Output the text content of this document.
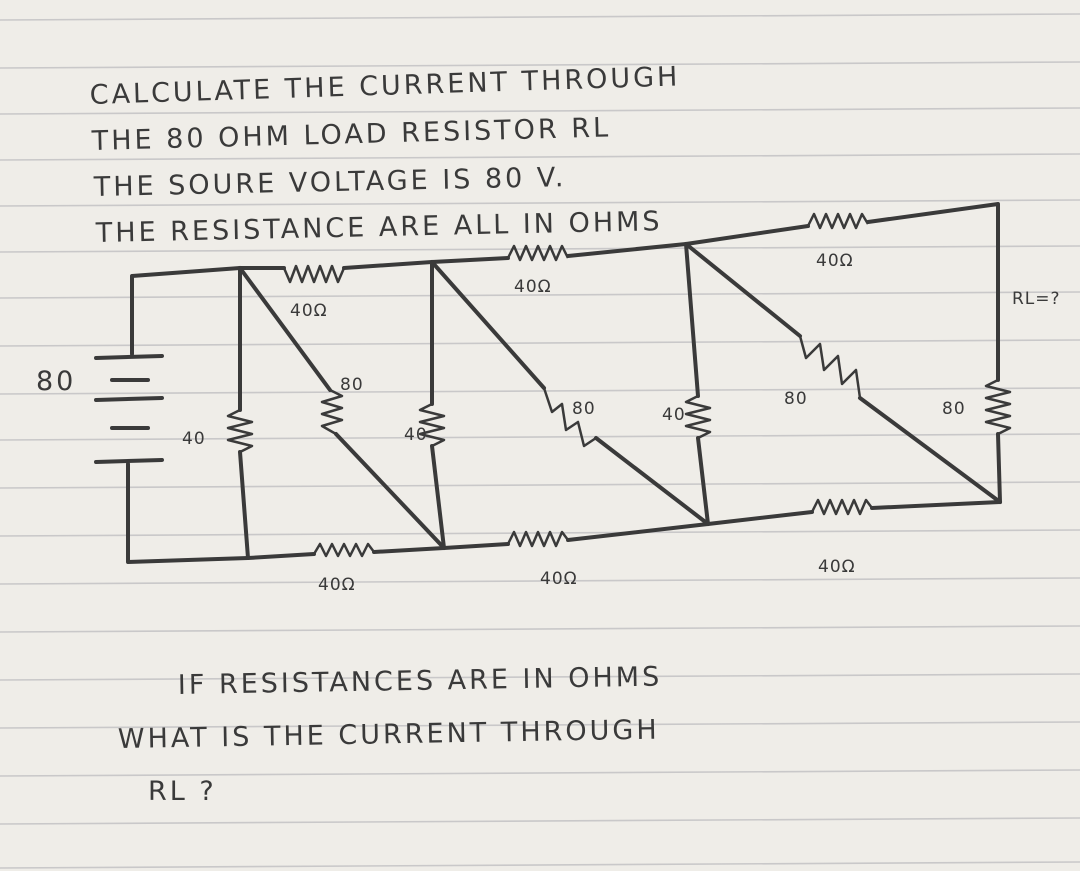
CALCULATE THE CURRENT THROUGH
THE 80 OHM LOAD RESISTOR RL
THE SOURE VOLTAGE IS 80 V.
THE RESISTANCE ARE ALL IN OHMS
80
40Ω
40Ω
40Ω
40
80
40
80	40
80	80
RL=?
40Ω	40Ω
40Ω
IF RESISTANCES ARE IN OHMS
WHAT IS THE CURRENT THROUGH
RL ?
